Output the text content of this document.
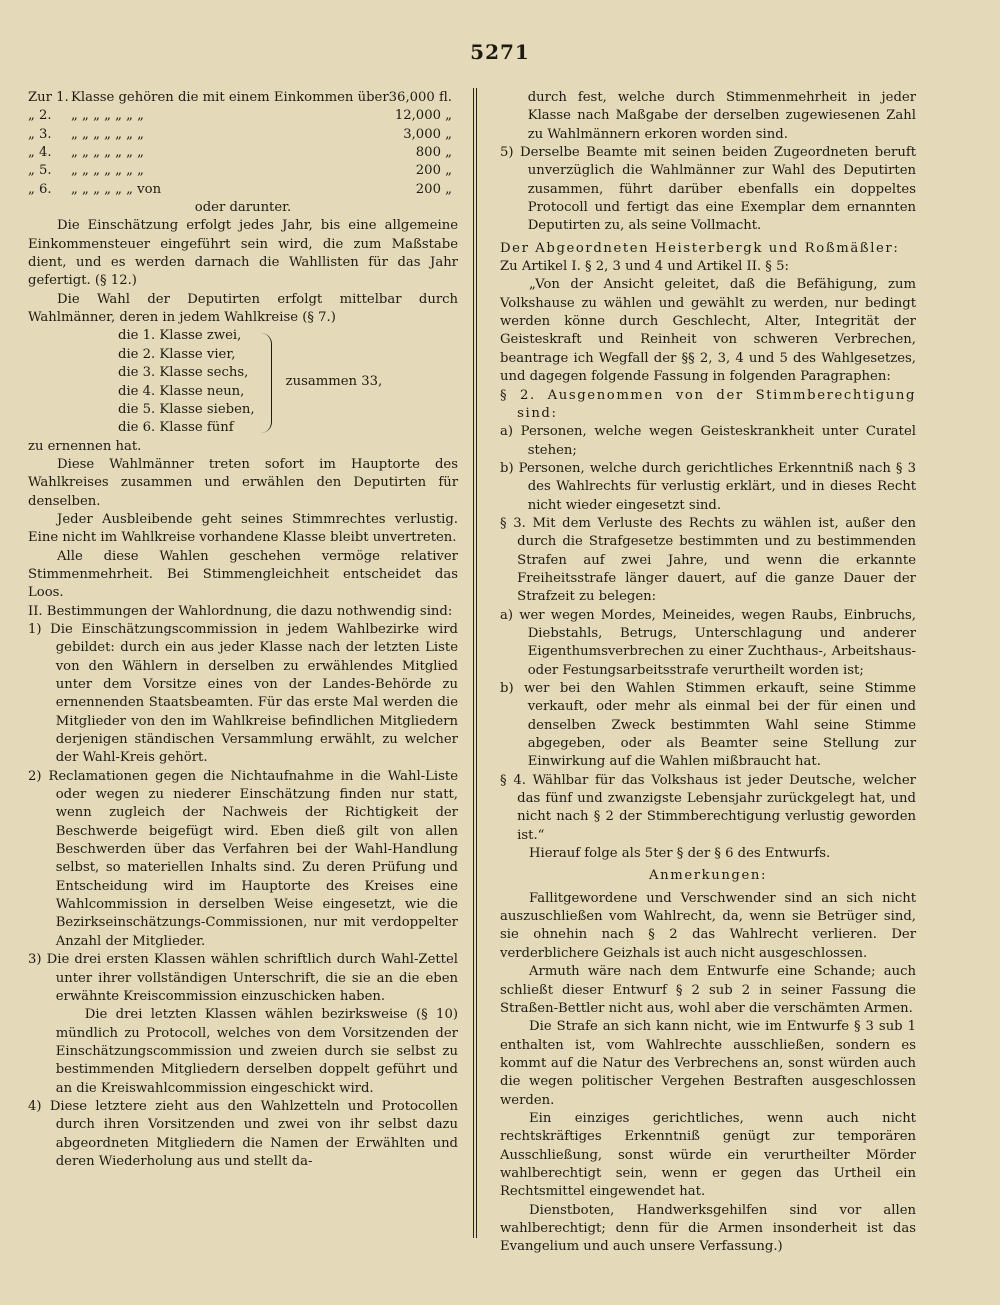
5271
Zur 1.	Klasse gehören die mit einem Einkommen über	36,000 fl.
„ 2.	„ „ „ „ „ „ „	12,000 „
„ 3.	„ „ „ „ „ „ „	3,000 „
„ 4.	„ „ „ „ „ „ „	800 „
„ 5.	„ „ „ „ „ „ „	200 „
„ 6.	„ „ „ „ „ „ von	200 „

oder darunter.

Die Einschätzung erfolgt jedes Jahr, bis eine allgemeine Einkommensteuer eingeführt sein wird, die zum Maßstabe dient, und es werden darnach die Wahllisten für das Jahr gefertigt. (§ 12.)

Die Wahl der Deputirten erfolgt mittelbar durch Wahlmänner, deren in jedem Wahlkreise (§ 7.)

die 1. Klasse zwei,
die 2. Klasse vier,
die 3. Klasse sechs,
die 4. Klasse neun,
die 5. Klasse sieben,
die 6. Klasse fünf
zusammen 33,

zu ernennen hat.

Diese Wahlmänner treten sofort im Hauptorte des Wahlkreises zusammen und erwählen den Deputirten für denselben.

Jeder Ausbleibende geht seines Stimmrechtes verlustig. Eine nicht im Wahlkreise vorhandene Klasse bleibt unvertreten.

Alle diese Wahlen geschehen vermöge relativer Stimmenmehrheit. Bei Stimmengleichheit entscheidet das Loos.

II. Bestimmungen der Wahlordnung, die dazu nothwendig sind:

1) Die Einschätzungscommission in jedem Wahlbezirke wird gebildet: durch ein aus jeder Klasse nach der letzten Liste von den Wählern in derselben zu erwählendes Mitglied unter dem Vorsitze eines von der Landes-Behörde zu ernennenden Staatsbeamten. Für das erste Mal werden die Mitglieder von den im Wahlkreise befindlichen Mitgliedern derjenigen ständischen Versammlung erwählt, zu welcher der Wahl-Kreis gehört.

2) Reclamationen gegen die Nichtaufnahme in die Wahl-Liste oder wegen zu niederer Einschätzung finden nur statt, wenn zugleich der Nachweis der Richtigkeit der Beschwerde beigefügt wird. Eben dieß gilt von allen Beschwerden über das Verfahren bei der Wahl-Handlung selbst, so materiellen Inhalts sind. Zu deren Prüfung und Entscheidung wird im Hauptorte des Kreises eine Wahlcommission in derselben Weise eingesetzt, wie die Bezirkseinschätzungs-Commissionen, nur mit verdoppelter Anzahl der Mitglieder.

3) Die drei ersten Klassen wählen schriftlich durch Wahl-Zettel unter ihrer vollständigen Unterschrift, die sie an die eben erwähnte Kreiscommission einzuschicken haben.

Die drei letzten Klassen wählen bezirksweise (§ 10) mündlich zu Protocoll, welches von dem Vorsitzenden der Einschätzungscommission und zweien durch sie selbst zu bestimmenden Mitgliedern derselben doppelt geführt und an die Kreiswahlcommission eingeschickt wird.

4) Diese letztere zieht aus den Wahlzetteln und Protocollen durch ihren Vorsitzenden und zwei von ihr selbst dazu abgeordneten Mitgliedern die Namen der Erwählten und deren Wiederholung aus und stellt da-

durch fest, welche durch Stimmenmehrheit in jeder Klasse nach Maßgabe der derselben zugewiesenen Zahl zu Wahlmännern erkoren worden sind.

5) Derselbe Beamte mit seinen beiden Zugeordneten beruft unverzüglich die Wahlmänner zur Wahl des Deputirten zusammen, führt darüber ebenfalls ein doppeltes Protocoll und fertigt das eine Exemplar dem ernannten Deputirten zu, als seine Vollmacht.

Der Abgeordneten Heisterbergk und Roßmäßler:

Zu Artikel I. § 2, 3 und 4 und Artikel II. § 5:

„Von der Ansicht geleitet, daß die Befähigung, zum Volkshause zu wählen und gewählt zu werden, nur bedingt werden könne durch Geschlecht, Alter, Integrität der Geisteskraft und Reinheit von schweren Verbrechen, beantrage ich Wegfall der §§ 2, 3, 4 und 5 des Wahlgesetzes, und dagegen folgende Fassung in folgenden Paragraphen:

§ 2. Ausgenommen von der Stimmberechtigung sind:

a) Personen, welche wegen Geisteskrankheit unter Curatel stehen;

b) Personen, welche durch gerichtliches Erkenntniß nach § 3 des Wahlrechts für verlustig erklärt, und in dieses Recht nicht wieder eingesetzt sind.

§ 3. Mit dem Verluste des Rechts zu wählen ist, außer den durch die Strafgesetze bestimmten und zu bestimmenden Strafen auf zwei Jahre, und wenn die erkannte Freiheitsstrafe länger dauert, auf die ganze Dauer der Strafzeit zu belegen:

a) wer wegen Mordes, Meineides, wegen Raubs, Einbruchs, Diebstahls, Betrugs, Unterschlagung und anderer Eigenthumsverbrechen zu einer Zuchthaus-, Arbeitshaus- oder Festungsarbeitsstrafe verurtheilt worden ist;

b) wer bei den Wahlen Stimmen erkauft, seine Stimme verkauft, oder mehr als einmal bei der für einen und denselben Zweck bestimmten Wahl seine Stimme abgegeben, oder als Beamter seine Stellung zur Einwirkung auf die Wahlen mißbraucht hat.

§ 4. Wählbar für das Volkshaus ist jeder Deutsche, welcher das fünf und zwanzigste Lebensjahr zurückgelegt hat, und nicht nach § 2 der Stimmberechtigung verlustig geworden ist.“

Hierauf folge als 5ter § der § 6 des Entwurfs.

Anmerkungen:

Fallitgewordene und Verschwender sind an sich nicht auszuschließen vom Wahlrecht, da, wenn sie Betrüger sind, sie ohnehin nach § 2 das Wahlrecht verlieren. Der verderblichere Geizhals ist auch nicht ausgeschlossen.

Armuth wäre nach dem Entwurfe eine Schande; auch schließt dieser Entwurf § 2 sub 2 in seiner Fassung die Straßen-Bettler nicht aus, wohl aber die verschämten Armen.

Die Strafe an sich kann nicht, wie im Entwurfe § 3 sub 1 enthalten ist, vom Wahlrechte ausschließen, sondern es kommt auf die Natur des Verbrechens an, sonst würden auch die wegen politischer Vergehen Bestraften ausgeschlossen werden.

Ein einziges gerichtliches, wenn auch nicht rechtskräftiges Erkenntniß genügt zur temporären Ausschließung, sonst würde ein verurtheilter Mörder wahlberechtigt sein, wenn er gegen das Urtheil ein Rechtsmittel eingewendet hat.

Dienstboten, Handwerksgehilfen sind vor allen wahlberechtigt; denn für die Armen insonderheit ist das Evangelium und auch unsere Verfassung.)
